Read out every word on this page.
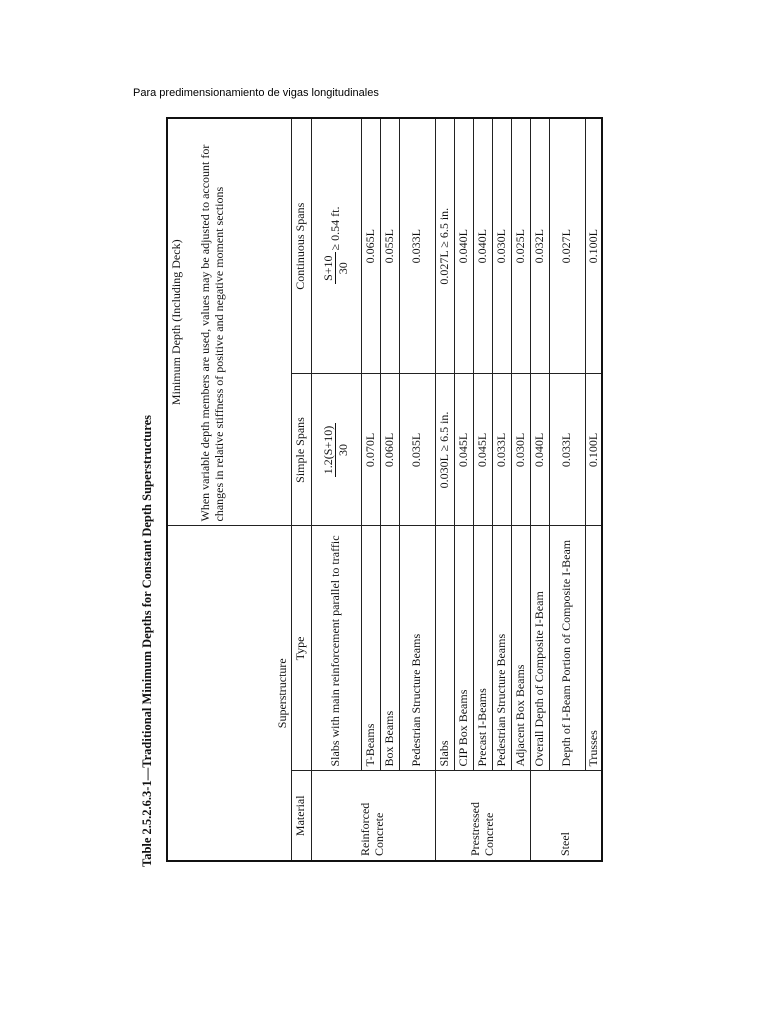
Para predimensionamiento de vigas longitudinales
Table 2.5.2.6.3-1—Traditional Minimum Depths for Constant Depth Superstructures	Superstructure		Minimum Depth (Including Deck) When variable depth members are used, values may be adjusted to account for changes in relative stiffness of positive and negative moment sections	

Material	Type	Simple Spans	Continuous Spans
Reinforced Concrete	Slabs with main reinforcement parallel to traffic	1.2(S+10) 30	S+10 30
≥ 0.54 ft.

	T-Beams	0.070L	0.065L
	Box Beams	0.060L	0.055L
	Pedestrian Structure Beams	0.035L	0.033L
Prestressed Concrete	Slabs	0.030L ≥ 6.5 in.	0.027L ≥ 6.5 in.
	CIP Box Beams	0.045L	0.040L
	Precast I-Beams	0.045L	0.040L
	Pedestrian Structure Beams	0.033L	0.030L
	Adjacent Box Beams	0.030L	0.025L
Steel	Overall Depth of Composite I-Beam	0.040L	0.032L
	Depth of I-Beam Portion of Composite I-Beam	0.033L	0.027L
	Trusses	0.100L	0.100L
